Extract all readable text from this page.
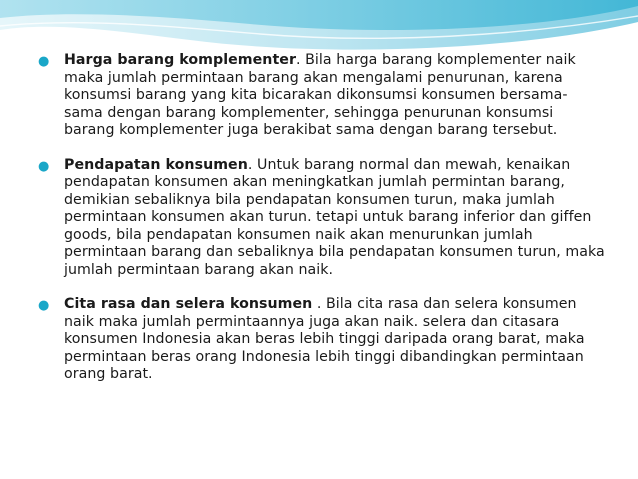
● Harga barang komplementer. Bila harga barang komplementer naik maka jumlah permintaan barang akan mengalami penurunan, karena konsumsi barang yang kita bicarakan dikonsumsi konsumen bersama-sama dengan barang komplementer, sehingga penurunan konsumsi barang komplementer juga berakibat sama dengan barang tersebut.
● Pendapatan konsumen. Untuk barang normal dan mewah, kenaikan pendapatan konsumen akan meningkatkan jumlah permintan barang, demikian sebaliknya bila pendapatan konsumen turun, maka jumlah permintaan konsumen akan turun. tetapi untuk barang inferior dan giffen goods, bila pendapatan konsumen naik akan menurunkan jumlah permintaan barang dan sebaliknya bila pendapatan konsumen turun, maka jumlah permintaan barang akan naik.
● Cita rasa dan selera konsumen . Bila cita rasa dan selera konsumen naik maka jumlah permintaannya juga akan naik. selera dan citasara konsumen Indonesia akan beras lebih tinggi daripada orang barat, maka permintaan beras orang Indonesia lebih tinggi dibandingkan permintaan orang barat.
